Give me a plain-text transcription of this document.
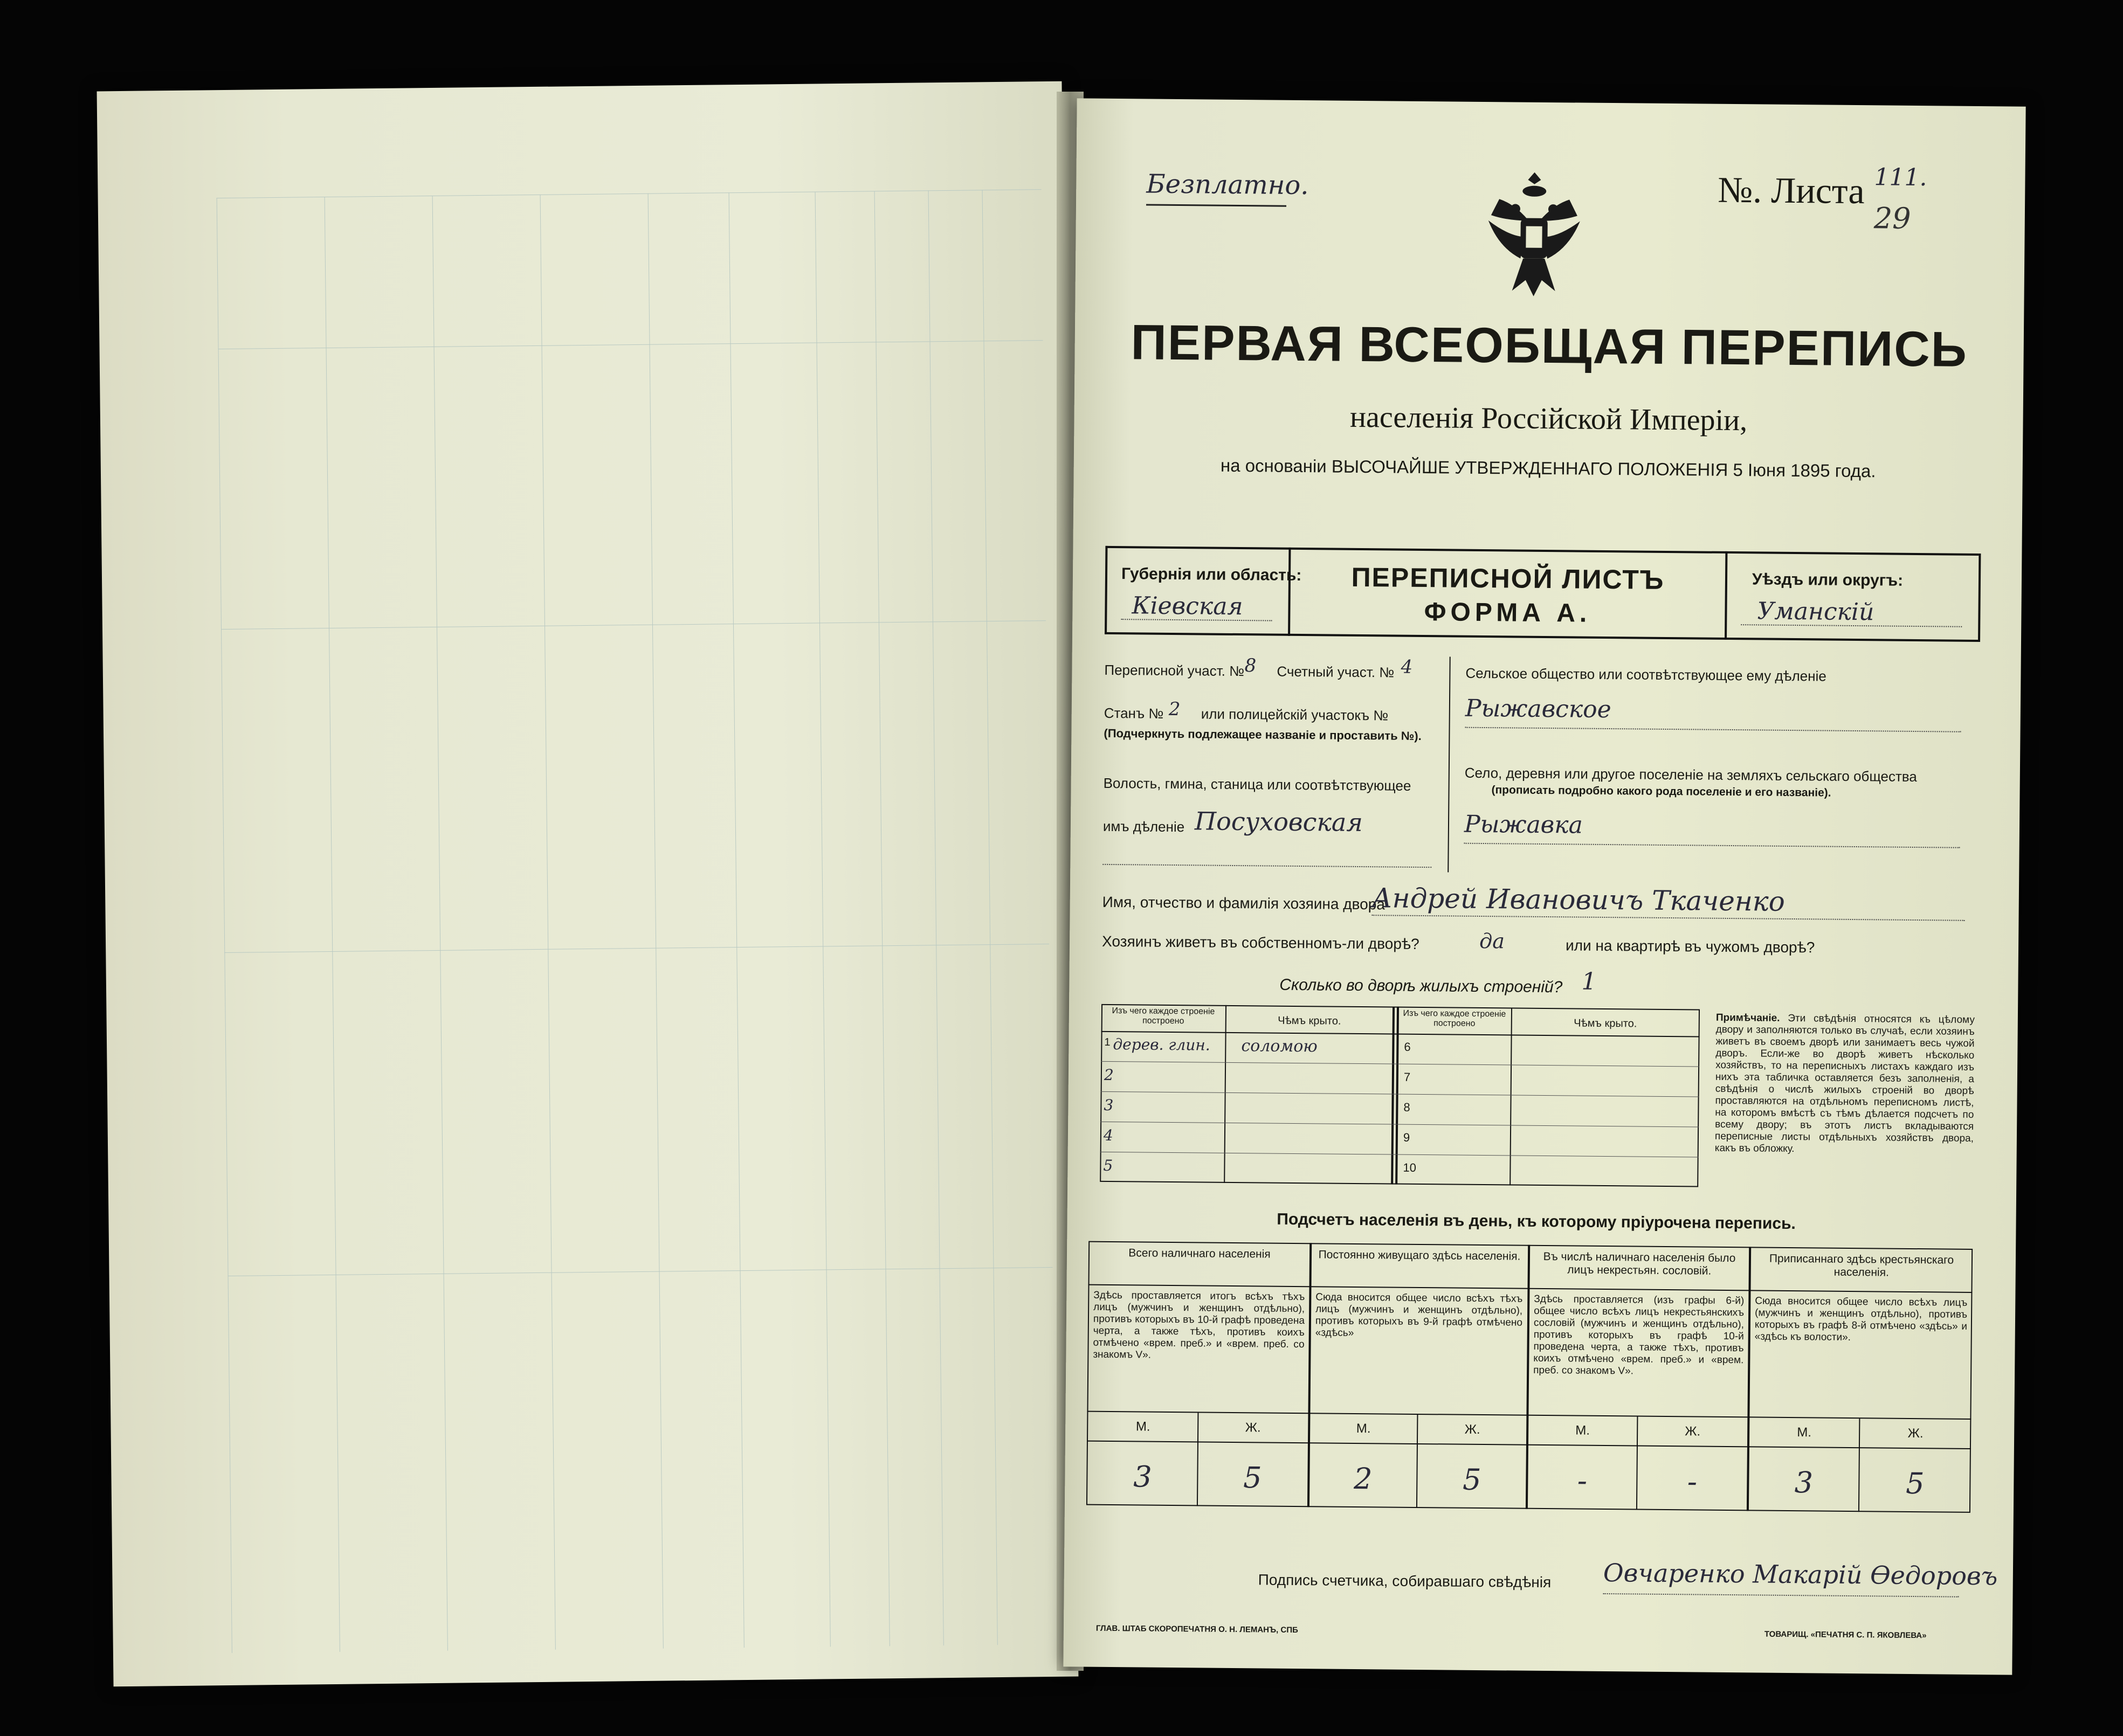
Безплатно.	№. Листа 111.
29
ПЕРВАЯ ВСЕОБЩАЯ ПЕРЕПИСЬ
населенія Россійской Имперіи,
на основаніи ВЫСОЧАЙШЕ УТВЕРЖДЕННАГО ПОЛОЖЕНІЯ 5 Іюня 1895 года.
Губернія или область:
Кіевская
ПЕРЕПИСНОЙ ЛИСТЪ
ФОРМА А.
Уѣздъ или округъ:
Уманскій
Переписной участ. № 8 Счетный участ. № 4
Станъ № 2 или полицейскій участокъ №
(Подчеркнуть подлежащее названіе и проставить №).
Волость, гмина, станица или соотвѣтствующее
имъ дѣленіе Посуховская
Сельское общество или соотвѣтствующее ему дѣленіе
Рыжавское
Село, деревня или другое поселеніе на земляхъ сельскаго общества
(прописать подробно какого рода поселеніе и его названіе).
Рыжавка
Имя, отчество и фамилія хозяина двора
Андрей Ивановичъ Ткаченко
Хозяинъ живетъ въ собственномъ-ли дворѣ?	да	или на квартирѣ въ чужомъ дворѣ?
Сколько во дворѣ жилыхъ строеній? 1
Изъ чего каждое строеніе построено	Чѣмъ крыто.
Изъ чего каждое строеніе построено	Чѣмъ крыто.
1 дерев. глин. соломою
2
3
4
5
6
7
8
9
10
Примѣчаніе. Эти свѣдѣнія относятся къ цѣлому двору и заполняются только въ случаѣ, если хозяинъ живетъ въ своемъ дворѣ или занимаетъ весь чужой дворъ. Если-же во дворѣ живетъ нѣсколько хозяйствъ, то на переписныхъ листахъ каждаго изъ нихъ эта табличка оставляется безъ заполненія, а свѣдѣнія о числѣ жилыхъ строеній во дворѣ проставляются на отдѣльномъ переписномъ листѣ, на которомъ вмѣстѣ съ тѣмъ дѣлается подсчетъ по всему двору; въ этотъ листъ вкладываются переписные листы отдѣльныхъ хозяйствъ двора, какъ въ обложку.
Подсчетъ населенія въ день, къ которому пріурочена перепись.
Всего наличнаго населенія
Здѣсь проставляется итогъ всѣхъ тѣхъ лицъ (мужчинъ и женщинъ отдѣльно), противъ которыхъ въ 10-й графѣ проведена черта, а также тѣхъ, противъ коихъ отмѣчено «врем. преб.» и «врем. преб. со знакомъ V».
М.	Ж.
3	5
Постоянно живущаго здѣсь населенія.
Сюда вносится общее число всѣхъ тѣхъ лицъ (мужчинъ и женщинъ отдѣльно), противъ которыхъ въ 9-й графѣ отмѣчено «здѣсь»
М.	Ж.
2	5
Въ числѣ наличнаго населенія было лицъ некрестьян. сословій.
Здѣсь проставляется (изъ графы 6-й) общее число всѣхъ лицъ некрестьянскихъ сословій (мужчинъ и женщинъ отдѣльно), противъ которыхъ въ графѣ 10-й проведена черта, а также тѣхъ, противъ коихъ отмѣчено «врем. преб.» и «врем. преб. со знакомъ V».
М.	Ж.
-	-
Приписаннаго здѣсь крестьянскаго населенія.
Сюда вносится общее число всѣхъ лицъ (мужчинъ и женщинъ отдѣльно), противъ которыхъ въ графѣ 8-й отмѣчено «здѣсь» и «здѣсь къ волости».
М.	Ж.
3	5
Подпись счетчика, собиравшаго свѣдѣнія Овчаренко Макарій Ѳедоровъ
ГЛАВ. ШТАБ СКОРОПЕЧАТНЯ О. Н. ЛЕМАНЪ, СПБ
ТОВАРИЩ. «ПЕЧАТНЯ С. П. ЯКОВЛЕВА»
